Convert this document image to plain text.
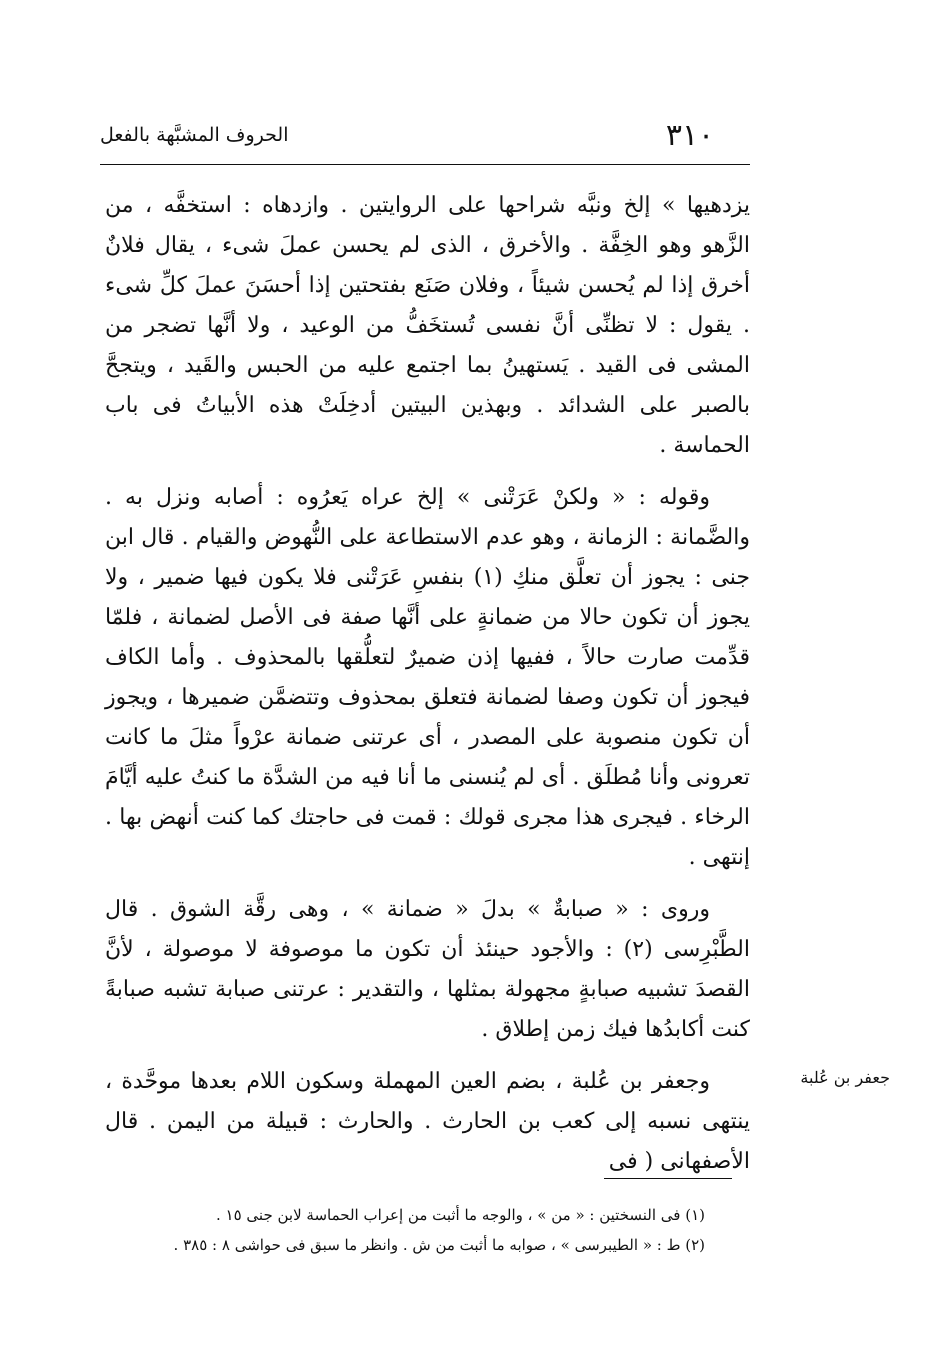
٣١٠
الحروف المشبَّهة بالفعل

يزدهيها » إلخ ونبَّه شراحها على الروايتين . وازدهاه : استخفَّه ، من الزَّهو وهو الخِفَّة . والأخرق ، الذى لم يحسن عملَ شىء ، يقال فلانٌ أخرق إذا لم يُحسن شيئاً ، وفلان صَنَع بفتحتين إذا أحسَنَ عملَ كلِّ شىء . يقول : لا تظنِّى أنَّ نفسى تُستخَفُّ من الوعيد ، ولا أنَّها تضجر من المشى فى القيد . يَستهينُ بما اجتمع عليه من الحبس والقَيد ، ويتجحَّ بالصبر على الشدائد . وبهذين البيتين أدخِلَتْ هذه الأبياتُ فى باب الحماسة .

وقوله : « ولكنْ عَرَتْنى » إلخ عراه يَعرُوه : أصابه ونزل به . والضَّمانة : الزمانة ، وهو عدم الاستطاعة على النُّهوض والقيام . قال ابن جنى : يجوز أن تعلَّق منكِ (١) بنفسِ عَرَتْنى فلا يكون فيها ضمير ، ولا يجوز أن تكون حالا من ضمانةٍ على أنَّها صفة فى الأصل لضمانة ، فلمّا قدِّمت صارت حالاً ، ففيها إذن ضميرٌ لتعلُّقها بالمحذوف . وأما الكاف فيجوز أن تكون وصفا لضمانة فتعلق بمحذوف وتتضمَّن ضميرها ، ويجوز أن تكون منصوبة على المصدر ، أى عرتنى ضمانة عرْواً مثلَ ما كانت تعرونى وأنا مُطلَق . أى لم يُنسنى ما أنا فيه من الشدَّة ما كنتُ عليه أيَّامَ الرخاء . فيجرى هذا مجرى قولك : قمت فى حاجتك كما كنت أنهض بها . إنتهى .

وروى : « صبابةٌ » بدلَ « ضمانة » ، وهى رقَّة الشوق . قال الطَّبْرِسى (٢) : والأجود حينئذ أن تكون ما موصوفة لا موصولة ، لأنَّ القصدَ تشبيه صبابةٍ مجهولة بمثلها ، والتقدير : عرتنى صبابة تشبه صبابةً كنت أكابدُها فيك زمن إطلاق .

وجعفر بن عُلبة ، بضم العين المهملة وسكون اللام بعدها موحَّدة ، ينتهى نسبه إلى كعب بن الحارث . والحارث : قبيلة من اليمن . قال الأصفهانى ( فى

جعفر بن عُلبة

(١) فى النسختين : « من » ، والوجه ما أثبت من إعراب الحماسة لابن جنى ١٥ .

(٢) ط : « الطيبرسى » ، صوابه ما أثبت من ش . وانظر ما سبق فى حواشى ٨ : ٣٨٥ .
